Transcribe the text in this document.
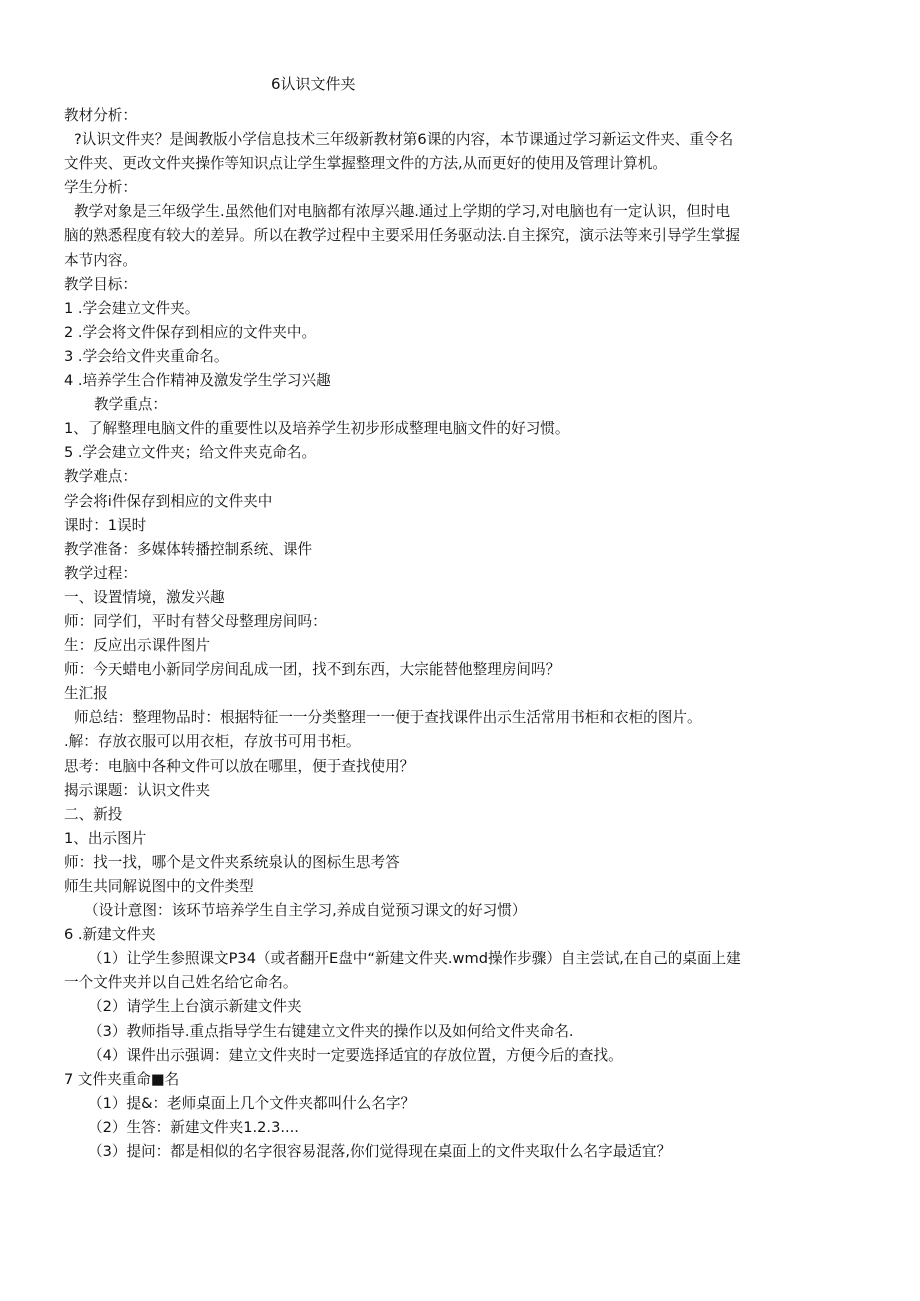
6认识文件夹
教材分析：
?认识文件夹？是闽教版小学信息技术三年级新教材第6课的内容，本节课通过学习新运文件夹、重令名
文件夹、更改文件夹操作等知识点让学生掌握整理文件的方法,从而更好的使用及管理计算机。
学生分析：
教学对象是三年级学生.虽然他们对电脑都有浓厚兴趣.通过上学期的学习,对电脑也有一定认识，但时电
脑的熟悉程度有较大的差异。所以在教学过程中主要采用任务驱动法.自主探究，演示法等来引导学生掌握
本节内容。
教学目标：
1 .学会建立文件夹。
2 .学会将文件保存到相应的文件夹中。
3 .学会给文件夹重命名。
4 .培养学生合作精神及激发学生学习兴趣
教学重点：
1、了解整理电脑文件的重要性以及培养学生初步形成整理电脑文件的好习惯。
5 .学会建立文件夹；给文件夹克命名。
教学难点：
学会将i件保存到相应的文件夹中
课时：1误时
教学准备：多媒体转播控制系统、课件
教学过程：
一、设置情境，激发兴趣
师：同学们，平时有替父母整理房间吗：
生：反应出示课件图片
师：今天蜡电小新同学房间乱成一团，找不到东西，大宗能替他整理房间吗？
生汇报
师总结：整理物品时：根据特征一一分类整理一一便于查找课件出示生活常用书柜和衣柜的图片。
.解：存放衣服可以用衣柜，存放书可用书柜。
思考：电脑中各种文件可以放在哪里，便于查找使用？
揭示课题：认识文件夹
二、新投
1、出示图片
师：找一找，哪个是文件夹系统泉认的图标生思考答
师生共同解说图中的文件类型
（设计意图：该环节培养学生自主学习,养成自觉预习课文的好习惯）
6 .新建文件夹
（1）让学生参照课文P34（或者翻开E盘中“新建文件夹.wmd操作步骤）自主尝试,在自己的桌面上建
一个文件夹并以自己姓名给它命名。
（2）请学生上台演示新建文件夹
（3）教师指导.重点指导学生右键建立文件夹的操作以及如何给文件夹命名.
（4）课件出示强调：建立文件夹时一定要选择适宜的存放位置，方便今后的查找。
7 文件夹重命■名
（1）提&：老师桌面上几个文件夹都叫什么名字？
（2）生答：新建文件夹1.2.3....
（3）提问：都是相似的名字很容易混落,你们觉得现在桌面上的文件夹取什么名字最适宜？
